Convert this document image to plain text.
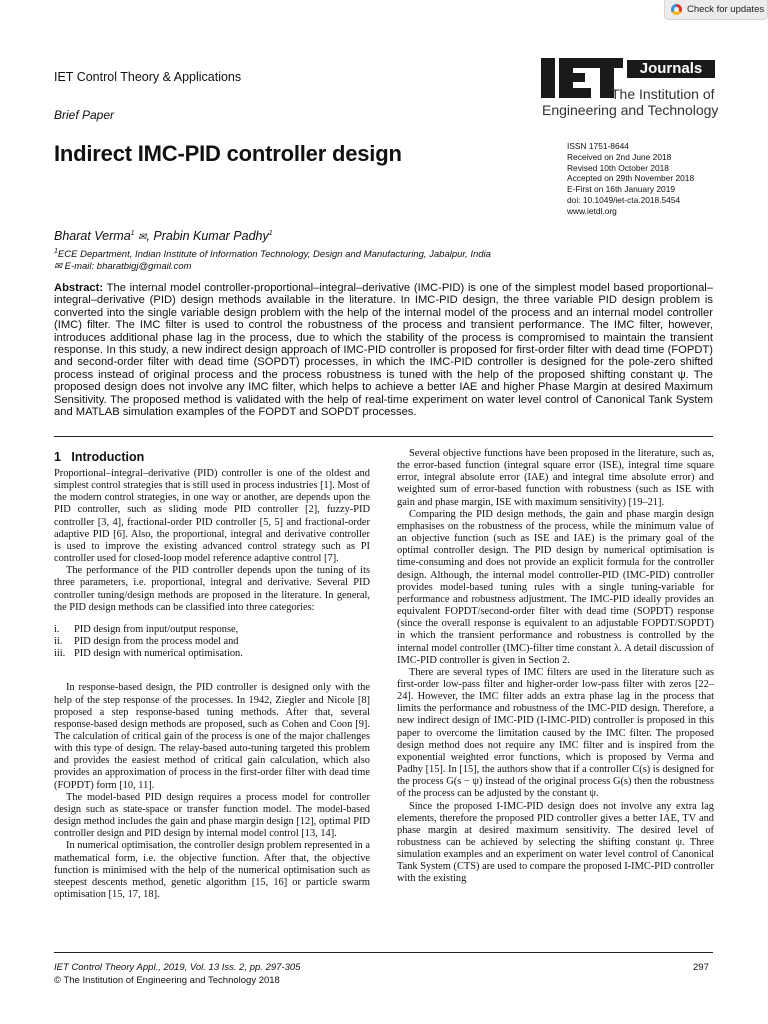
Check for updates
IET Control Theory & Applications
Brief Paper
Indirect IMC-PID controller design
Journals
The Institution of
Engineering and Technology
ISSN 1751-8644
Received on 2nd June 2018
Revised 10th October 2018
Accepted on 29th November 2018
E-First on 16th January 2019
doi: 10.1049/iet-cta.2018.5454
www.ietdl.org
Bharat Verma$^1$ ✉, Prabin Kumar Padhy$^1$
$^1$ECE Department, Indian Institute of Information Technology, Design and Manufacturing, Jabalpur, India
✉ E-mail: bharatbigj@gmail.com
Abstract: The internal model controller-proportional–integral–derivative (IMC-PID) is one of the simplest model based proportional–integral–derivative (PID) design methods available in the literature. In IMC-PID design, the three variable PID design problem is converted into the single variable design problem with the help of the internal model of the process and an internal model controller (IMC) filter. The IMC filter is used to control the robustness of the process and transient performance. The IMC filter, however, introduces additional phase lag in the process, due to which the stability of the process is compromised to maintain the transient response. In this study, a new indirect design approach of IMC-PID controller is proposed for first-order filter with dead time (FOPDT) and second-order filter with dead time (SOPDT) processes, in which the IMC-PID controller is designed for the pole-zero shifted process instead of original process and the process robustness is tuned with the help of the proposed shifting constant ψ. The proposed design does not involve any IMC filter, which helps to achieve a better IAE and higher Phase Margin at desired Maximum Sensitivity. The proposed method is validated with the help of real-time experiment on water level control of Canonical Tank System and MATLAB simulation examples of the FOPDT and SOPDT processes.
1 Introduction

Proportional–integral–derivative (PID) controller is one of the oldest and simplest control strategies that is still used in process industries [1]. Most of the modern control strategies, in one way or another, are depends upon the PID controller, such as sliding mode PID controller [2], fuzzy-PID controller [3, 4], fractional-order PID controller [5, 5] and fractional-order adaptive PID [6]. Also, the proportional, integral and derivative controller is used to improve the existing advanced control strategy such as PI controller used for closed-loop model reference adaptive control [7].

The performance of the PID controller depends upon the tuning of its three parameters, i.e. proportional, integral and derivative. Several PID controller tuning/design methods are proposed in the literature. In general, the PID design methods can be classified into three categories:

i.	PID design from input/output response,
ii.	PID design from the process model and
iii. PID design with numerical optimisation.

In response-based design, the PID controller is designed only with the help of the step response of the processes. In 1942, Ziegler and Nicole [8] proposed a step response-based tuning methods. After that, several response-based design methods are proposed, such as Cohen and Coon [9]. The calculation of critical gain of the process is one of the major challenges with this type of design. The relay-based auto-tuning targeted this problem and provides the easiest method of critical gain calculation, which also provides an approximation of process in the first-order filter with dead time (FOPDT) form [10, 11].

The model-based PID design requires a process model for controller design such as state-space or transfer function model. The model-based design method includes the gain and phase margin design [12], optimal PID controller design and PID design by internal model control [13, 14].

In numerical optimisation, the controller design problem represented in a mathematical form, i.e. the objective function. After that, the objective function is minimised with the help of the numerical optimisation such as steepest descents method, genetic algorithm [15, 16] or particle swarm optimisation [15, 17, 18].

Several objective functions have been proposed in the literature, such as, the error-based function (integral square error (ISE), integral time square error, integral absolute error (IAE) and integral time absolute error) and weighted sum of error-based function with robustness (such as ISE with gain and phase margin, ISE with maximum sensitivity) [19–21].

Comparing the PID design methods, the gain and phase margin design emphasises on the robustness of the process, while the minimum value of an objective function (such as ISE and IAE) is the primary goal of the optimal controller design. The PID design by numerical optimisation is time-consuming and does not provide an explicit formula for the controller design. Although, the internal model controller-PID (IMC-PID) controller provides model-based tuning rules with a single tuning-variable for performance and robustness adjustment. The IMC-PID ideally provides an equivalent FOPDT/second-order filter with dead time (SOPDT) response (since the overall response is equivalent to an adjustable FOPDT/SOPDT) in which the transient performance and robustness is controlled by the internal model controller (IMC)-filter time constant λ. A detail discussion of IMC-PID controller is given in Section 2.

There are several types of IMC filters are used in the literature such as first-order low-pass filter and higher-order low-pass filter with zeros [22–24]. However, the IMC filter adds an extra phase lag in the process that limits the performance and robustness of the IMC-PID design. Therefore, a new indirect design of IMC-PID (I-IMC-PID) controller is proposed in this paper to overcome the limitation caused by the IMC filter. The proposed design method does not require any IMC filter and is inspired from the exponential weighted error functions, which is proposed by Verma and Padhy [15]. In [15], the authors show that if a controller C(s) is designed for the process G(s − ψ) instead of the original process G(s) then the robustness of the process can be adjusted by the constant ψ.

Since the proposed I-IMC-PID design does not involve any extra lag elements, therefore the proposed PID controller gives a better IAE, TV and phase margin at desired maximum sensitivity. The desired level of robustness can be achieved by selecting the shifting constant ψ. Three simulation examples and an experiment on water level control of Canonical Tank System (CTS) are used to compare the proposed I-IMC-PID controller with the existing

IET Control Theory Appl., 2019, Vol. 13 Iss. 2, pp. 297-305
© The Institution of Engineering and Technology 2018
297
